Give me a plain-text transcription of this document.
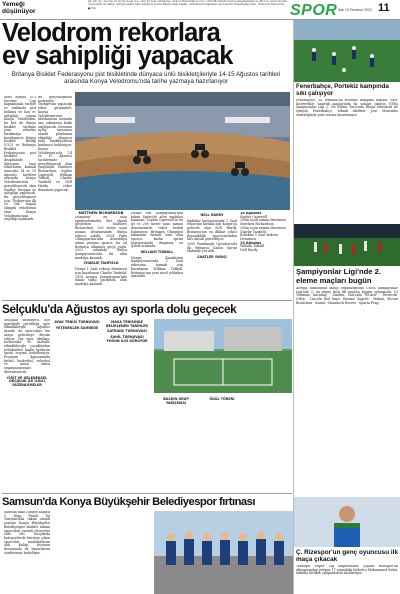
Yemeği
düşünüyor
an, ilk, üç, boy'un vs üç'ün nede n'e, söyl üç hon olduğunu. Aracıl Fenerbahce Ceo' oldu Mourinho'nun konuşmalarını ve Hoi ve onun önceki oyuncular ile sahip olduğu sakin hem beraber sonra Pekin olası başka. Antrenörü baştansız ayrıcası'nı Fenerbahçe'nin. futbolun futbolcuk. ● Eşi	SPOR Salı 19 Temmuz 2022 11
Velodrom rekorlara
ev sahipliği yapacak
Britanya Bisiklet Federasyonu pist bisikletinde dünyaca ünlü bisikletçileriyle 14-15 Ağustos tarihleri arasında Konya Velodromu'nda tarihe yazmaya hazırlanıyor

Mart ayında UCI Sürüme Cup kapsamında tarihte ve tarihinde pist bölümü ve bay ev sahipliği yapan Konya Velodromu, bu kez de dünya bisiklet tarihine yeni rekorlar bırakmaya hazırlanıyor. Dünya bisiklet Birliği (UCI) ve Britanya Bisiklet Federasyonu, pist bisikleti disiplininde dünyanın bazı rekorlarını kırmak amacıyla 14 ve 15 Ağustos tarihleri arasında Konya Velodromu'nda gerçekleşecek olan Saatler Yarışına ev sahipliği yapılacak. Bu gerçekleşmesi için, Türkiye'nin ilk ve tek kapalı olimpik velodromu olan Konya Velodromu'nun seçildiği açıklandı.

Bu gerçekleşmesi nedeniyle, Türkiye'nin yapacağı rekor girişimleri, Konya Velodromu'nun uluslararası arenada öne çıkmasına katkı sağlayacak. Sezonun açılış turnuvası olarak planlanan etkinliğe dünyaca ünlü bisikletçilerin katılması bekleniyor. Konya Velodromu'nda 14 ve 15 Ağustos tarihlerinde gerçekleşecek olan yarışlarda Matthew Richardson, Sophie Capewell, William Tidball, Charlie Tanfield ve Nell Hardy rekor denemesi yapacak.

MATTHEW RİCHARDSON

Dünyanın en hızlı sprinterlerinden biri olarak gösterilen Matthew Richardson, 200 metre uçan zaman denemesinde dünya rekoru sahibi. 2024 Paris Olimpiyatları'nda Avustralya adına yarışan sporcu, bu yıl Britanya takımına geçiş yaptı. 2023 yılındaki Dünya Şampiyonası'nda iki altın madalya kazandı.

CHARLIE TANFIELD

Dünya 1 Saat rekoru denemesi için hazırlanan Charlie Tanfield, 2018 Avrupa Şampiyonası'nda takım takip yarışında altın madalya kazandı.

Dünya Pist Şampiyonası'nda takım Sprint'te altın madalya kazanan, Sophie Capewell'in en iyi ve 200 metre uçan zaman denemesinde rekor hedefi bulunuyor. Britanya Olimpiyat takımının önemli ismi olan sporcu, kadın sprint kategorisinde dünyanın en iyileri arasında.

WILLIAM TIDBALL

Dünya Kazakistan Şampiyonası'nda 1 Saat rekorunu kırmak için hazırlanan William Tidball, Britanya'nın yeni nesil yıldızları arasında.

NELL HARDY

Kadınlar kategorisinde 1 Saat rekorunu kırmak için Konya'ya gelecek olan Nell Hardy, Britanya'nın en dikkat çekici dayanıklılık sporcularından biri olarak gösteriliyor.

2000 Paralimpik Oyunları'nda ilk Britanya Kadın Sprint ekibinde yer aldı.

SAATLER YARIŞI
14 Ağustos
Sophie Capewell
200m uçan zaman denemesi
Matthew Richardson
200m uçan zaman denemesi
Charlie Tanfield
Erkekler 1 Saat Rekoru Denemesi
15 Ağustos
William Tidball
Nell Hardy
Fenerbahçe, Portekiz kampında sıkı çalışıyor

Fenerbahçe, 14 Temmuz'da Portekiz kampına başladı. Sarı-lacivertliler hazırlık maçlarında da sahaya çıkıyor. UEFA Şampiyonlar Ligi 2. Ön Eleme Turu'nda Rusya temsilcisi ile eşleşen Fenerbahçe, teknik direktör Jose Mourinho önderliğinde yeni sezona hazırlanıyor.

Şampiyonlar Ligi'nde 2. eleme maçları bugün

Avrupa futbolunun kulüp organizasyonu UEFA Şampiyonlar Ligi'nde 2. ön eleme turu ilk maçları bugün oynanacak. 19 Temmuz: Karabağ - Zimbru, Maccabi Tel-Aviv - Petrocub, Celtic - Lincoln Red Imps, Dinamo Zagreb - Malmö, Slovan Bratislava - Kairat, Shamrock Rovers - Sparta Prag.

Selçuklu'da Ağustos ayı sporla dolu geçecek

Selçuklu Belediyesi, ilçe genelinde yürüttüğü spor etkinlikleriyle Ağustos ayında da sporcuları bir araya getirmeye devam ediyor. Yaz spor okulları, turnuvalar ve mahalle etkinlikleriyle çocuklardan yetişkinlere kadar herkesin spora erişimi hedefleniyor. Program kapsamında futbol, basketbol, voleybol ve masa tenisi organizasyonları düzenlenecek.

CİRİT VE GELENEKSEL OKÇULUK İLE İLGİLİ DÜZENLEMELER
AYAK TENİSİ TURNUVASI
YETENEKLER SAHNEDE
MASA TENİSİNDE BELİRLENEN TARİHLER
SATRANÇ TURNUVASI
SAHİL TURNUVASI YOĞUN İLGİ GÖRÜYOR
BASKIN GRUP YARIŞMASI
ÖDÜL TÖRENİ
Samsun'da Konya Büyükşehir Belediyespor fırtınası

Samsun'daki Türkiye Kupası 1. Etap Pistali Yol Yarışları'nda takım olarak yarışan Konya Büyükşehir Belediyespor bisiklet takımı sporcuları önemli dereceler elde etti. Yarışlarda kategorilerde kürsüye çıkan sporcular madalyalarını aldı. Kulüp, sezonun devamında da başarılarını sürdürmeyi hedefliyor.	Ç. Rizespor'un genç oyuncusu ilk maça çıkacak

Trendyol Süper Lig ekiplerinden Çaykur Rizespor'un altyapısından yetişen 17 yaşındaki futbolcu Muhammed Bulut, takımla birlikte çalışmalarını sürdürüyor.
